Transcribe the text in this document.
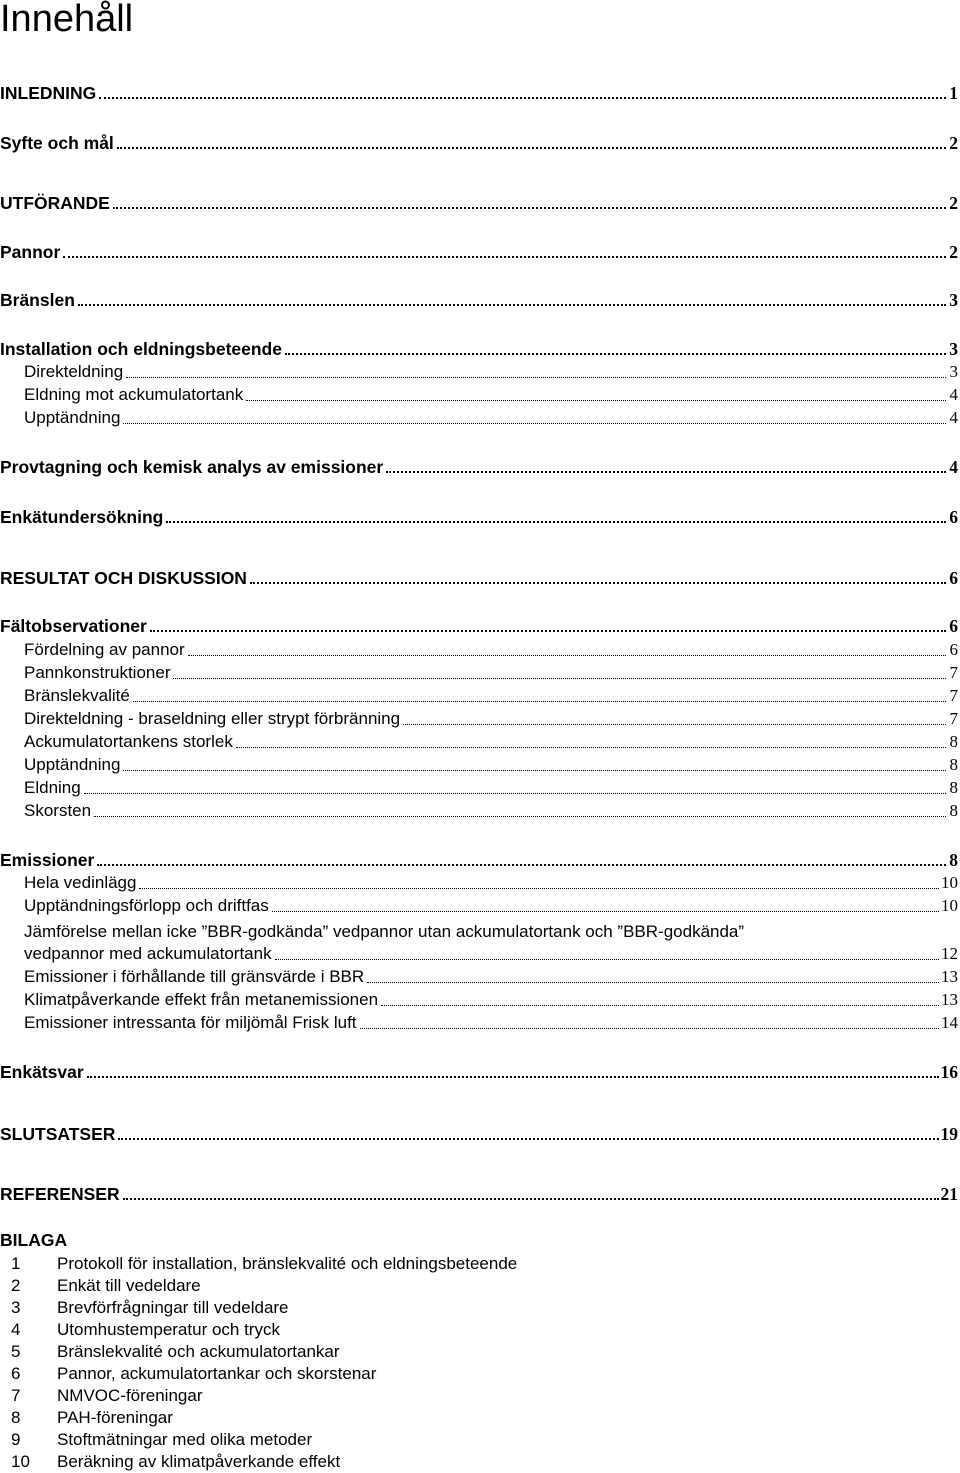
Innehåll
INLEDNING	1
Syfte och mål	2
UTFÖRANDE	2
Pannor	2
Bränslen	3
Installation och eldningsbeteende	3
Direkteldning	3
Eldning mot ackumulatortank	4
Upptändning	4
Provtagning och kemisk analys av emissioner	4
Enkätundersökning	6
RESULTAT OCH DISKUSSION	6
Fältobservationer	6
Fördelning av pannor	6
Pannkonstruktioner	7
Bränslekvalité	7
Direkteldning - braseldning eller strypt förbränning	7
Ackumulatortankens storlek	8
Upptändning	8
Eldning	8
Skorsten	8
Emissioner	8
Hela vedinlägg	10
Upptändningsförlopp och driftfas	10
Jämförelse mellan icke ”BBR-godkända” vedpannor utan ackumulatortank och ”BBR-godkända”
vedpannor med ackumulatortank	12
Emissioner i förhållande till gränsvärde i BBR	13
Klimatpåverkande effekt från metanemissionen	13
Emissioner intressanta för miljömål Frisk luft	14
Enkätsvar	16
SLUTSATSER	19
REFERENSER	21
BILAGA
1 Protokoll för installation, bränslekvalité och eldningsbeteende
2 Enkät till vedeldare
3 Brevförfrågningar till vedeldare
4 Utomhustemperatur och tryck
5 Bränslekvalité och ackumulatortankar
6 Pannor, ackumulatortankar och skorstenar
7 NMVOC-föreningar
8 PAH-föreningar
9 Stoftmätningar med olika metoder
10 Beräkning av klimatpåverkande effekt
